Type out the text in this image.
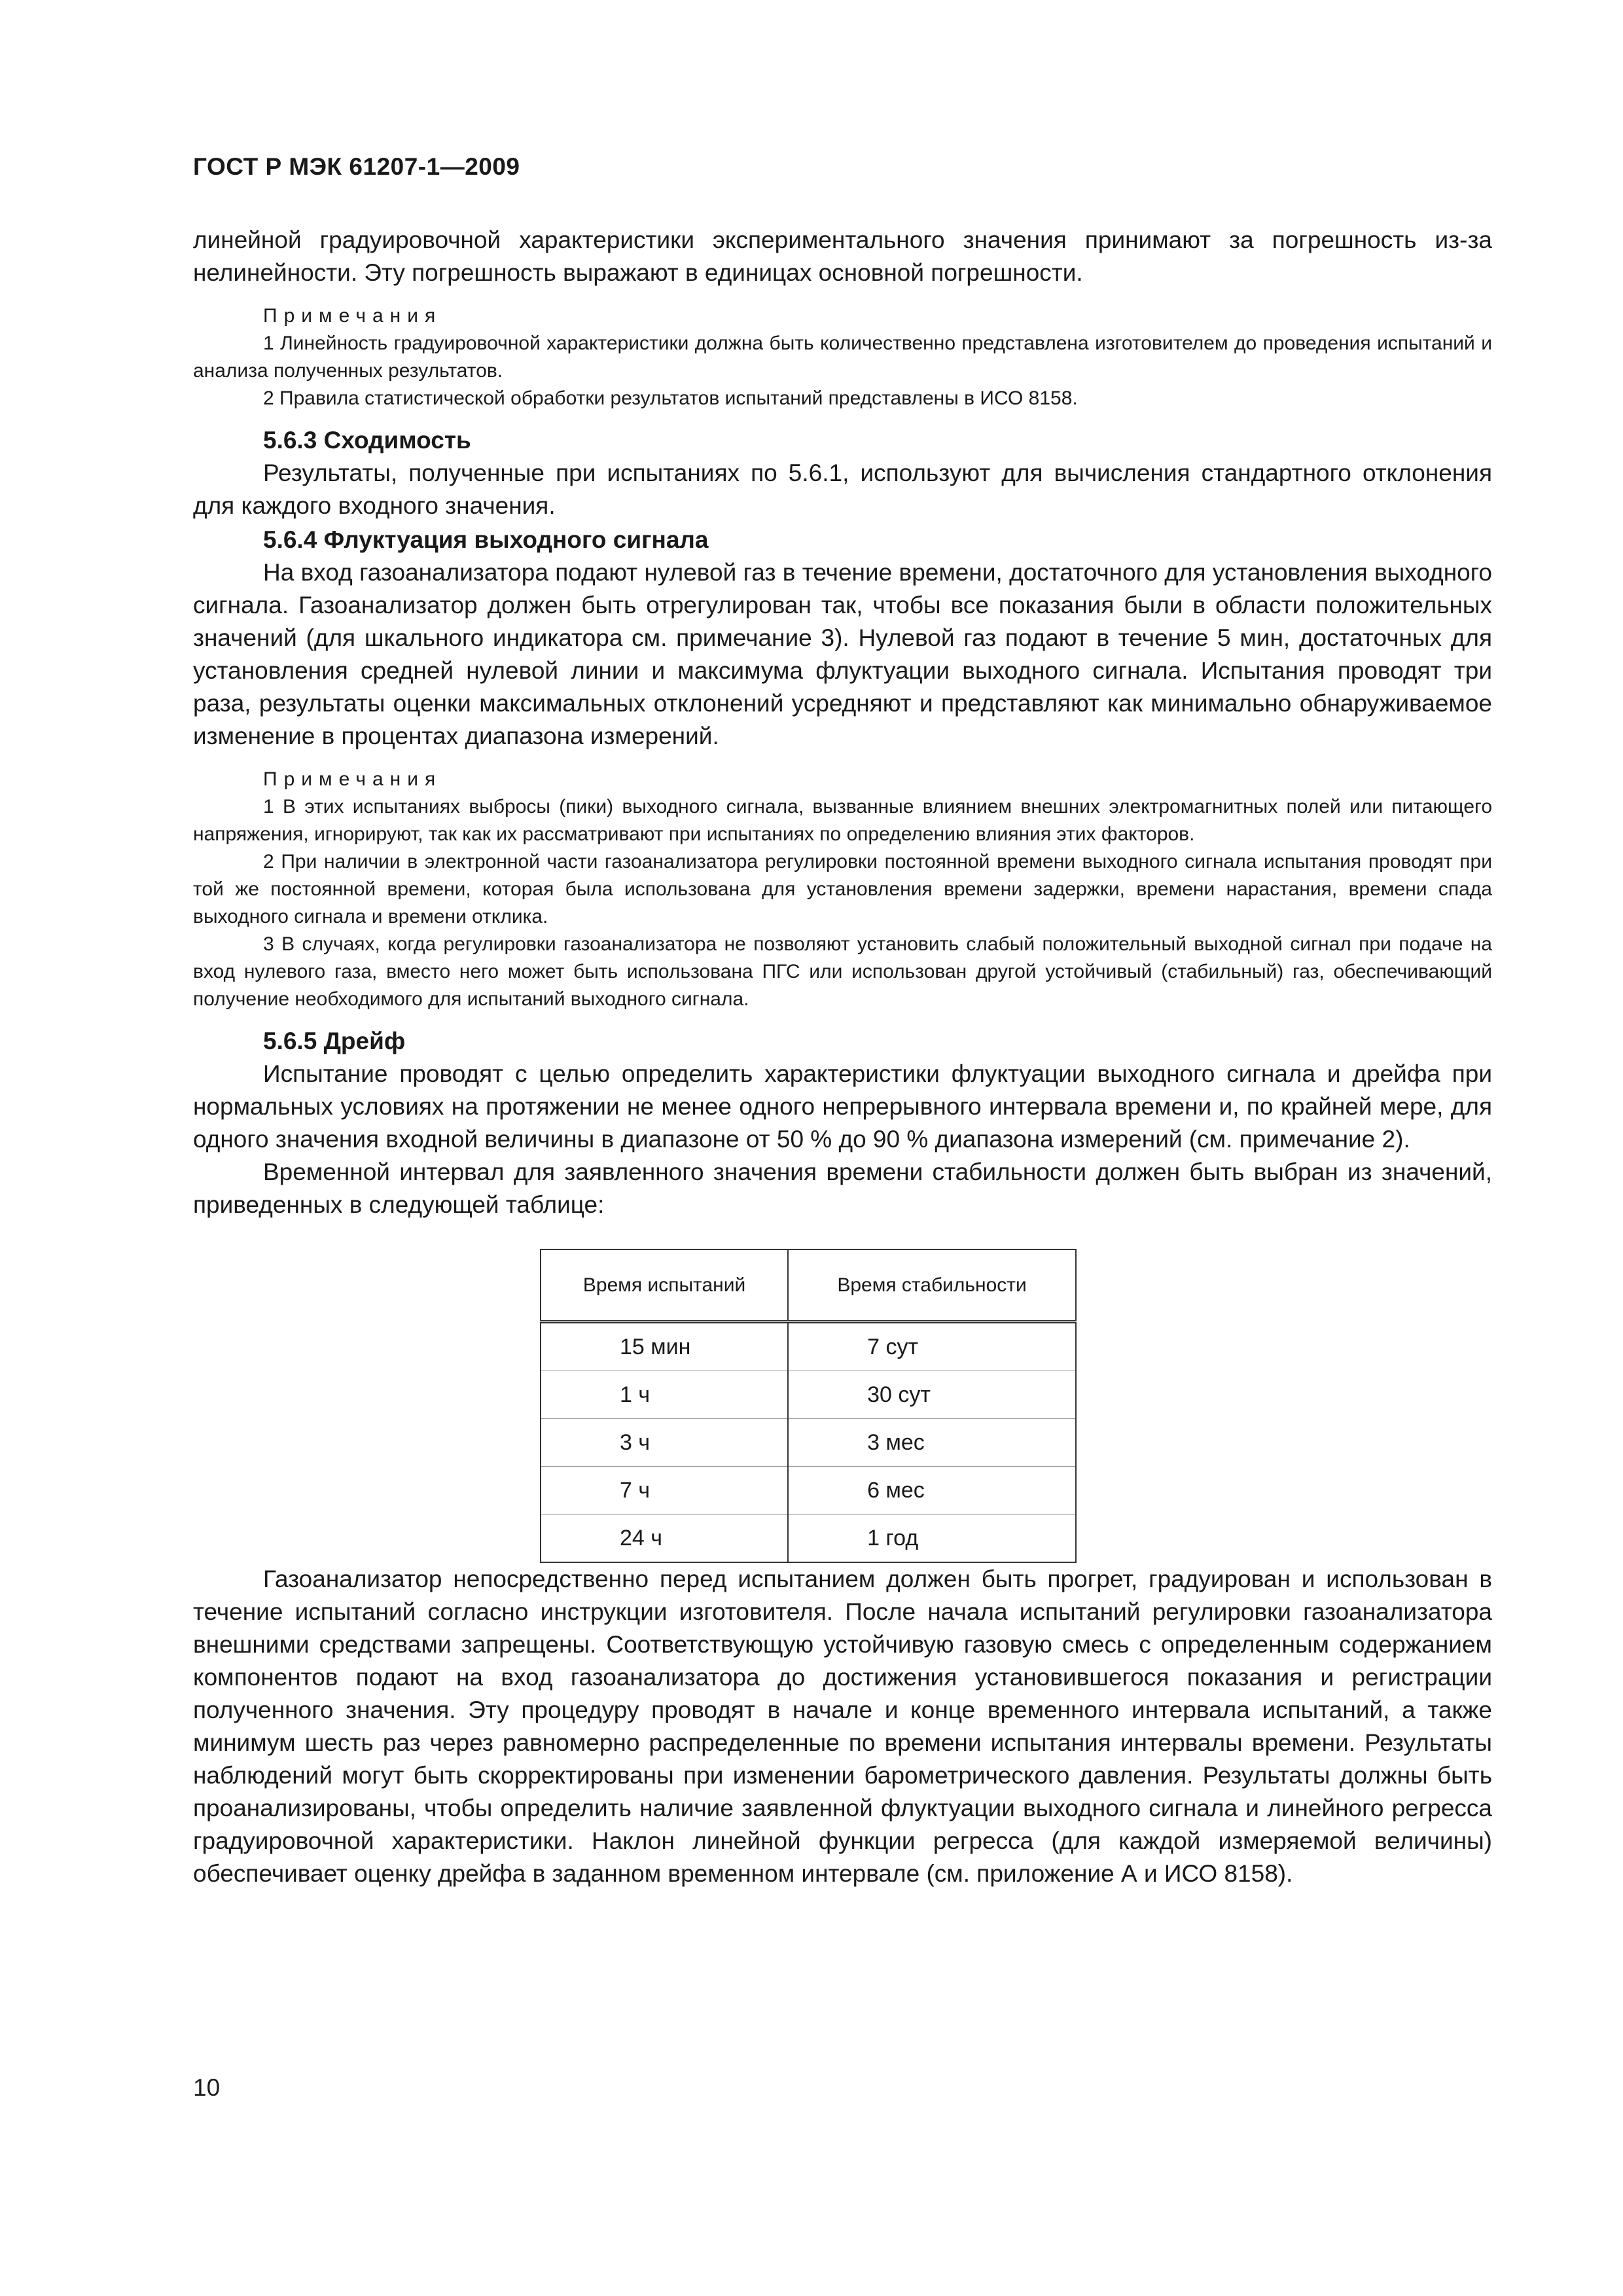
ГОСТ Р МЭК 61207-1—2009

линейной градуировочной характеристики экспериментального значения принимают за погрешность из-за нелинейности. Эту погрешность выражают в единицах основной погрешности.

Примечания

1 Линейность градуировочной характеристики должна быть количественно представлена изготовителем до проведения испытаний и анализа полученных результатов.

2 Правила статистической обработки результатов испытаний представлены в ИСО 8158.

5.6.3 Сходимость

Результаты, полученные при испытаниях по 5.6.1, используют для вычисления стандартного отклонения для каждого входного значения.

5.6.4 Флуктуация выходного сигнала

На вход газоанализатора подают нулевой газ в течение времени, достаточного для установления выходного сигнала. Газоанализатор должен быть отрегулирован так, чтобы все показания были в области положительных значений (для шкального индикатора см. примечание 3). Нулевой газ подают в течение 5 мин, достаточных для установления средней нулевой линии и максимума флуктуации выходного сигнала. Испытания проводят три раза, результаты оценки максимальных отклонений усредняют и представляют как минимально обнаруживаемое изменение в процентах диапазона измерений.

Примечания

1 В этих испытаниях выбросы (пики) выходного сигнала, вызванные влиянием внешних электромагнитных полей или питающего напряжения, игнорируют, так как их рассматривают при испытаниях по определению влияния этих факторов.

2 При наличии в электронной части газоанализатора регулировки постоянной времени выходного сигнала испытания проводят при той же постоянной времени, которая была использована для установления времени задержки, времени нарастания, времени спада выходного сигнала и времени отклика.

3 В случаях, когда регулировки газоанализатора не позволяют установить слабый положительный выходной сигнал при подаче на вход нулевого газа, вместо него может быть использована ПГС или использован другой устойчивый (стабильный) газ, обеспечивающий получение необходимого для испытаний выходного сигнала.

5.6.5 Дрейф

Испытание проводят с целью определить характеристики флуктуации выходного сигнала и дрейфа при нормальных условиях на протяжении не менее одного непрерывного интервала времени и, по крайней мере, для одного значения входной величины в диапазоне от 50 % до 90 % диапазона измерений (см. примечание 2).

Временной интервал для заявленного значения времени стабильности должен быть выбран из значений, приведенных в следующей таблице:

Время испытаний	Время стабильности
15 мин	7 сут
1 ч	30 сут
3 ч	3 мес
7 ч	6 мес
24 ч	1 год

Газоанализатор непосредственно перед испытанием должен быть прогрет, градуирован и использован в течение испытаний согласно инструкции изготовителя. После начала испытаний регулировки газоанализатора внешними средствами запрещены. Соответствующую устойчивую газовую смесь с определенным содержанием компонентов подают на вход газоанализатора до достижения установившегося показания и регистрации полученного значения. Эту процедуру проводят в начале и конце временного интервала испытаний, а также минимум шесть раз через равномерно распределенные по времени испытания интервалы времени. Результаты наблюдений могут быть скорректированы при изменении барометрического давления. Результаты должны быть проанализированы, чтобы определить наличие заявленной флуктуации выходного сигнала и линейного регресса градуировочной характеристики. Наклон линейной функции регресса (для каждой измеряемой величины) обеспечивает оценку дрейфа в заданном временном интервале (см. приложение А и ИСО 8158).

10
